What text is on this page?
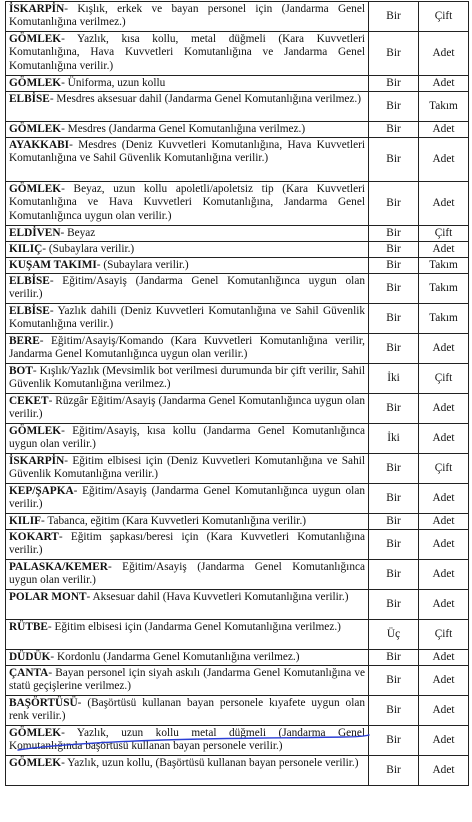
İSKARPİN- Kışlık, erkek ve bayan personel için (Jandarma Genel Komutanlığına verilmez.)	Bir	Çift
GÖMLEK- Yazlık, kısa kollu, metal düğmeli (Kara Kuvvetleri Komutanlığına, Hava Kuvvetleri Komutanlığına ve Jandarma Genel Komutanlığına verilir.)	Bir	Adet
GÖMLEK- Üniforma, uzun kollu	Bir	Adet
ELBİSE- Mesdres aksesuar dahil (Jandarma Genel Komutanlığına verilmez.)	Bir	Takım
GÖMLEK- Mesdres (Jandarma Genel Komutanlığına verilmez.)	Bir	Adet
AYAKKABI- Mesdres (Deniz Kuvvetleri Komutanlığına, Hava Kuvvetleri Komutanlığına ve Sahil Güvenlik Komutanlığına verilir.)	Bir	Adet
GÖMLEK- Beyaz, uzun kollu apoletli/apoletsiz tip (Kara Kuvvetleri Komutanlığına ve Hava Kuvvetleri Komutanlığına, Jandarma Genel Komutanlığınca uygun olan verilir.)	Bir	Adet
ELDİVEN- Beyaz	Bir	Çift
KILIÇ- (Subaylara verilir.)	Bir	Adet
KUŞAM TAKIMI- (Subaylara verilir.)	Bir	Takım
ELBİSE- Eğitim/Asayiş (Jandarma Genel Komutanlığınca uygun olan verilir.)	Bir	Takım
ELBİSE- Yazlık dahili (Deniz Kuvvetleri Komutanlığına ve Sahil Güvenlik Komutanlığına verilir.)	Bir	Takım
BERE- Eğitim/Asayiş/Komando (Kara Kuvvetleri Komutanlığına verilir, Jandarma Genel Komutanlığınca uygun olan verilir.)	Bir	Adet
BOT- Kışlık/Yazlık (Mevsimlik bot verilmesi durumunda bir çift verilir, Sahil Güvenlik Komutanlığına verilmez.)	İki	Çift
CEKET- Rüzgâr Eğitim/Asayiş (Jandarma Genel Komutanlığınca uygun olan verilir.)	Bir	Adet
GÖMLEK- Eğitim/Asayiş, kısa kollu (Jandarma Genel Komutanlığınca uygun olan verilir.)	İki	Adet
İSKARPİN- Eğitim elbisesi için (Deniz Kuvvetleri Komutanlığına ve Sahil Güvenlik Komutanlığına verilir.)	Bir	Çift
KEP/ŞAPKA- Eğitim/Asayiş (Jandarma Genel Komutanlığınca uygun olan verilir.)	Bir	Adet
KILIF- Tabanca, eğitim (Kara Kuvvetleri Komutanlığına verilir.)	Bir	Adet
KOKART- Eğitim şapkası/beresi için (Kara Kuvvetleri Komutanlığına verilir.)	Bir	Adet
PALASKA/KEMER- Eğitim/Asayiş (Jandarma Genel Komutanlığınca uygun olan verilir.)	Bir	Adet
POLAR MONT- Aksesuar dahil (Hava Kuvvetleri Komutanlığına verilir.)	Bir	Adet
RÜTBE- Eğitim elbisesi için (Jandarma Genel Komutanlığına verilmez.)	Üç	Çift
DÜDÜK- Kordonlu (Jandarma Genel Komutanlığına verilmez.)	Bir	Adet
ÇANTA- Bayan personel için siyah askılı (Jandarma Genel Komutanlığına ve statü geçişlerine verilmez.)	Bir	Adet
BAŞÖRTÜSÜ- (Başörtüsü kullanan bayan personele kıyafete uygun olan renk verilir.)	Bir	Adet
GÖMLEK- Yazlık, uzun kollu metal düğmeli (Jandarma Genel Komutanlığında başörtüsü kullanan bayan personele verilir.)	Bir	Adet
GÖMLEK- Yazlık, uzun kollu, (Başörtüsü kullanan bayan personele verilir.)	Bir	Adet
